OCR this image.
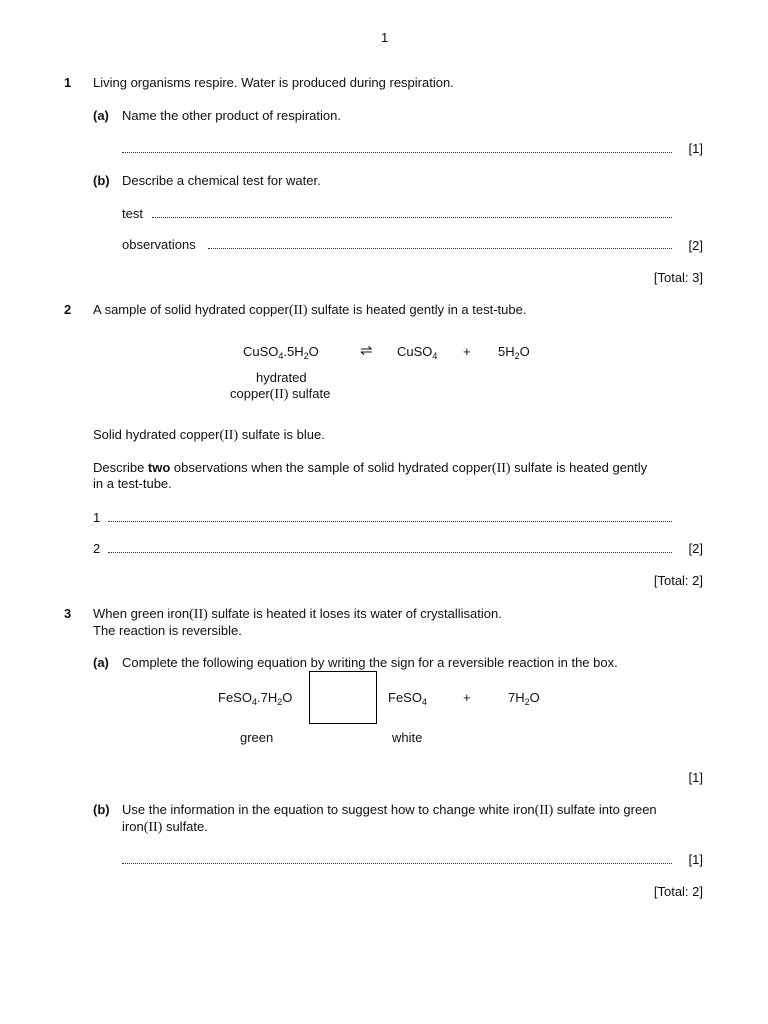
1
1 Living organisms respire. Water is produced during respiration.
(a) Name the other product of respiration.
[1]
(b) Describe a chemical test for water.
test
observations	[2]
[Total: 3]
2 A sample of solid hydrated copper(II) sulfate is heated gently in a test-tube.
$CuSO_4.5H_2O$	⇌ CuSO$_4$ + $5H_2O$
hydrated
copper(II) sulfate
Solid hydrated copper(II) sulfate is blue.
Describe two observations when the sample of solid hydrated copper(II) sulfate is heated gently
in a test-tube.
1
2	[2]
[Total: 2]
3 When green iron(II) sulfate is heated it loses its water of crystallisation.
The reaction is reversible.
(a) Complete the following equation by writing the sign for a reversible reaction in the box.
$FeSO_4.7H_2O$	FeSO$_4$	+	$7H_2O$
green	white
[1]
(b) Use the information in the equation to suggest how to change white iron(II) sulfate into green
iron(II) sulfate.
[1]
[Total: 2]
